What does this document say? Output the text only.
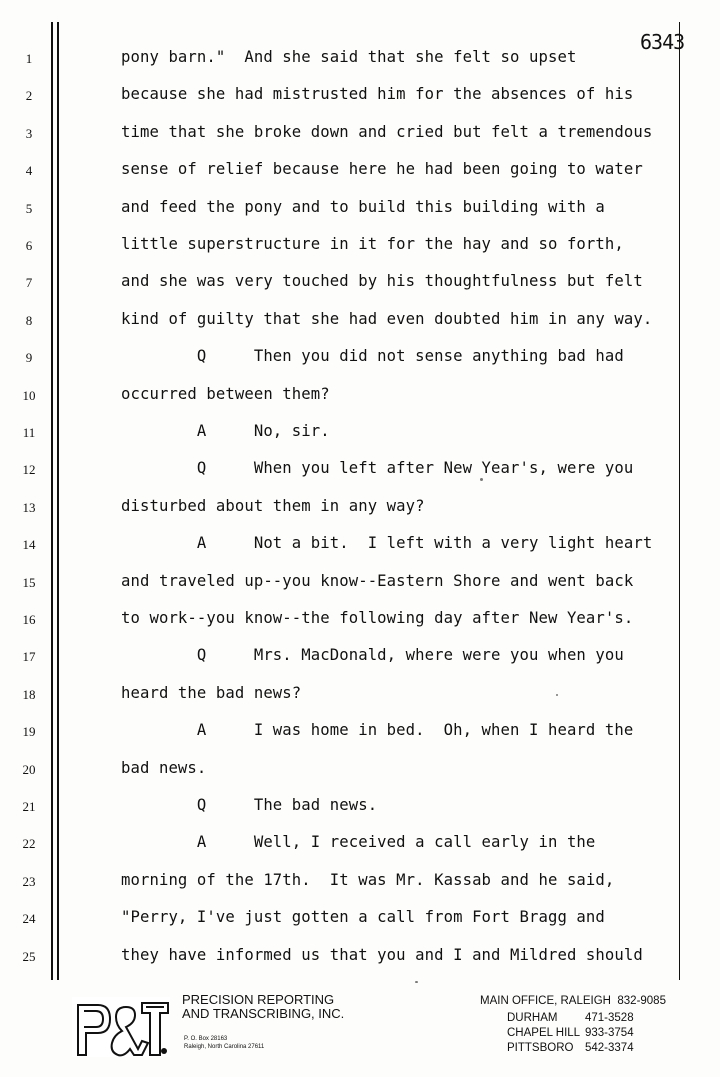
6343
1	pony barn."  And she said that she felt so upset
2	because she had mistrusted him for the absences of his
3	time that she broke down and cried but felt a tremendous
4	sense of relief because here he had been going to water
5	and feed the pony and to build this building with a
6	little superstructure in it for the hay and so forth,
7	and she was very touched by his thoughtfulness but felt
8	kind of guilty that she had even doubted him in any way.
9	Q     Then you did not sense anything bad had
10	occurred between them?
11	A     No, sir.
12	Q     When you left after New Year's, were you
13	disturbed about them in any way?
14	A     Not a bit.  I left with a very light heart
15	and traveled up--you know--Eastern Shore and went back
16	to work--you know--the following day after New Year's.
17	Q     Mrs. MacDonald, where were you when you
18	heard the bad news?
19	A     I was home in bed.  Oh, when I heard the
20	bad news.
21	Q     The bad news.
22	A     Well, I received a call early in the
23	morning of the 17th.  It was Mr. Kassab and he said,
24	"Perry, I've just gotten a call from Fort Bragg and
25	they have informed us that you and I and Mildred should
PRECISION REPORTING
AND TRANSCRIBING, INC.
P. O. Box 28163
Raleigh, North Carolina 27611
MAIN OFFICE, RALEIGH  832-9085
DURHAM 471-3528
CHAPEL HILL 933-3754
PITTSBORO 542-3374
